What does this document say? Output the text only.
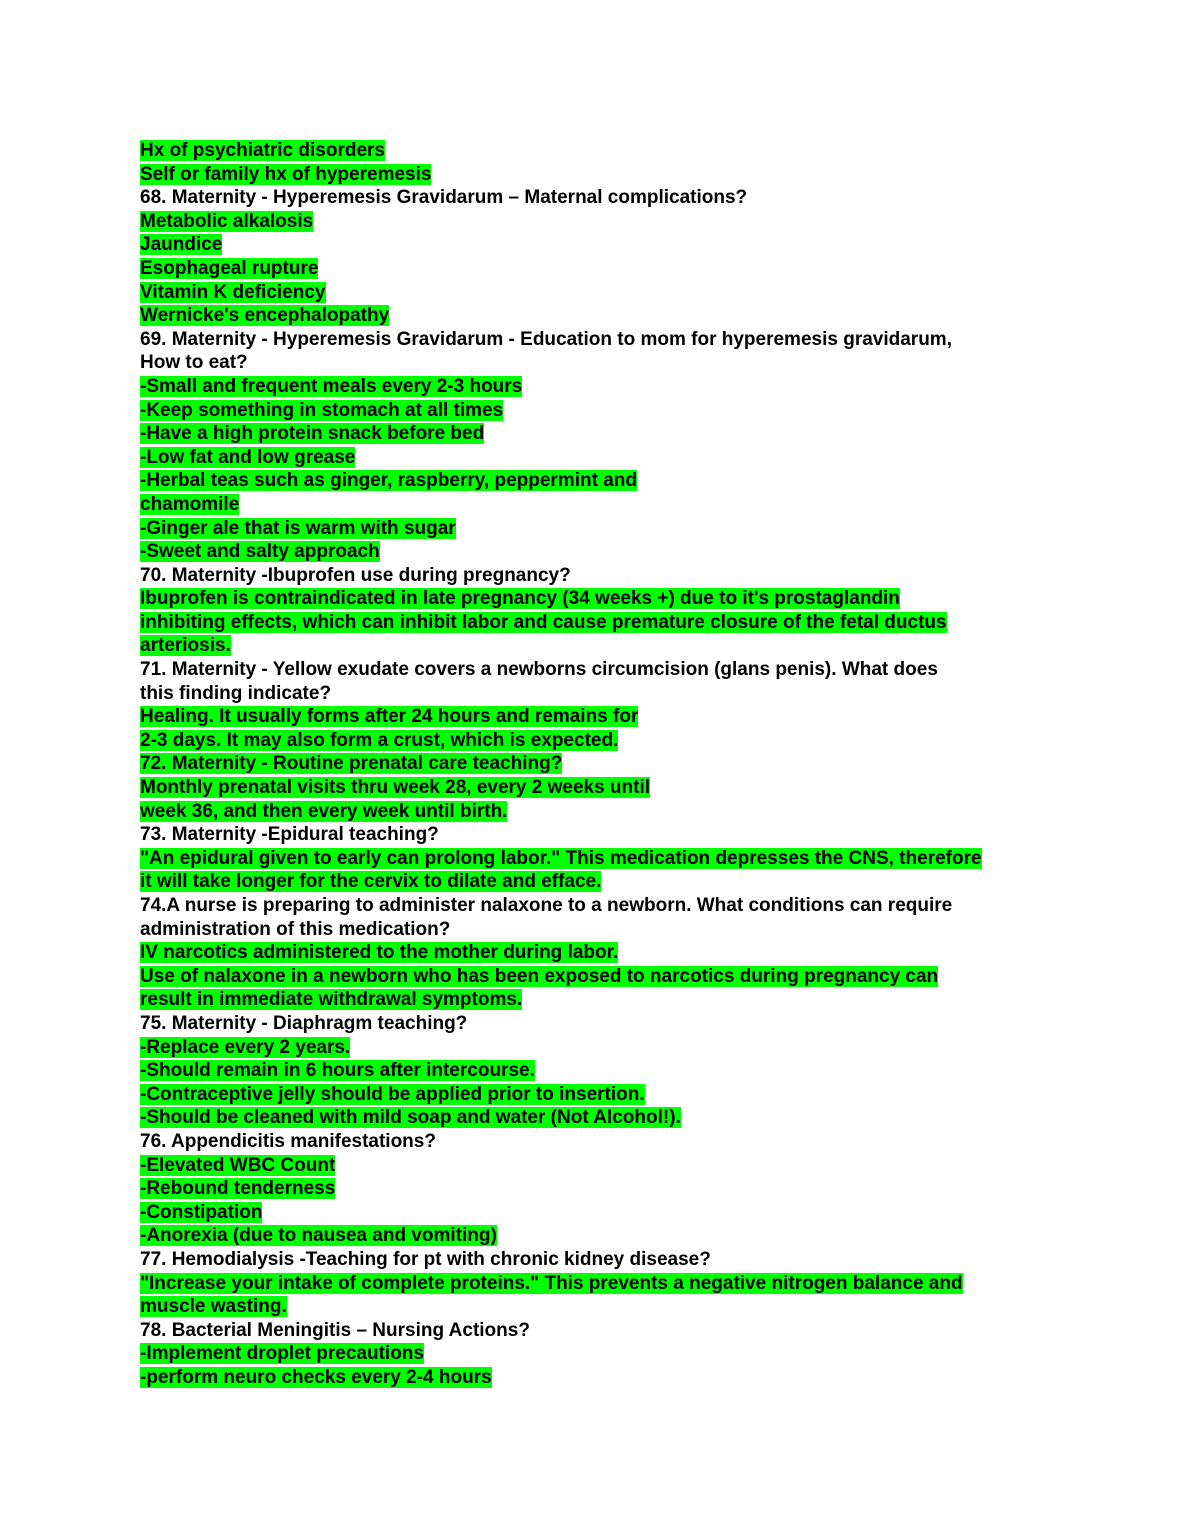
Hx of psychiatric disorders
Self or family hx of hyperemesis
68. Maternity - Hyperemesis Gravidarum – Maternal complications?
Metabolic alkalosis
Jaundice
Esophageal rupture
Vitamin K deficiency
Wernicke's encephalopathy
69. Maternity - Hyperemesis Gravidarum - Education to mom for hyperemesis gravidarum,
How to eat?
-Small and frequent meals every 2-3 hours
-Keep something in stomach at all times
-Have a high protein snack before bed
-Low fat and low grease
-Herbal teas such as ginger, raspberry, peppermint and
chamomile
-Ginger ale that is warm with sugar
-Sweet and salty approach
70. Maternity -Ibuprofen use during pregnancy?
Ibuprofen is contraindicated in late pregnancy (34 weeks +) due to it's prostaglandin
inhibiting effects, which can inhibit labor and cause premature closure of the fetal ductus
arteriosis.
71. Maternity - Yellow exudate covers a newborns circumcision (glans penis). What does
this finding indicate?
Healing. It usually forms after 24 hours and remains for
2-3 days. It may also form a crust, which is expected.
72. Maternity - Routine prenatal care teaching?
Monthly prenatal visits thru week 28, every 2 weeks until
week 36, and then every week until birth.
73. Maternity -Epidural teaching?
"An epidural given to early can prolong labor." This medication depresses the CNS, therefore
it will take longer for the cervix to dilate and efface.
74.A nurse is preparing to administer nalaxone to a newborn. What conditions can require
administration of this medication?
IV narcotics administered to the mother during labor.
Use of nalaxone in a newborn who has been exposed to narcotics during pregnancy can
result in immediate withdrawal symptoms.
75. Maternity - Diaphragm teaching?
-Replace every 2 years.
-Should remain in 6 hours after intercourse.
-Contraceptive jelly should be applied prior to insertion.
-Should be cleaned with mild soap and water (Not Alcohol!).
76. Appendicitis manifestations?
-Elevated WBC Count
-Rebound tenderness
-Constipation
-Anorexia (due to nausea and vomiting)
77. Hemodialysis -Teaching for pt with chronic kidney disease?
"Increase your intake of complete proteins." This prevents a negative nitrogen balance and
muscle wasting.
78. Bacterial Meningitis – Nursing Actions?
-Implement droplet precautions
-perform neuro checks every 2-4 hours
